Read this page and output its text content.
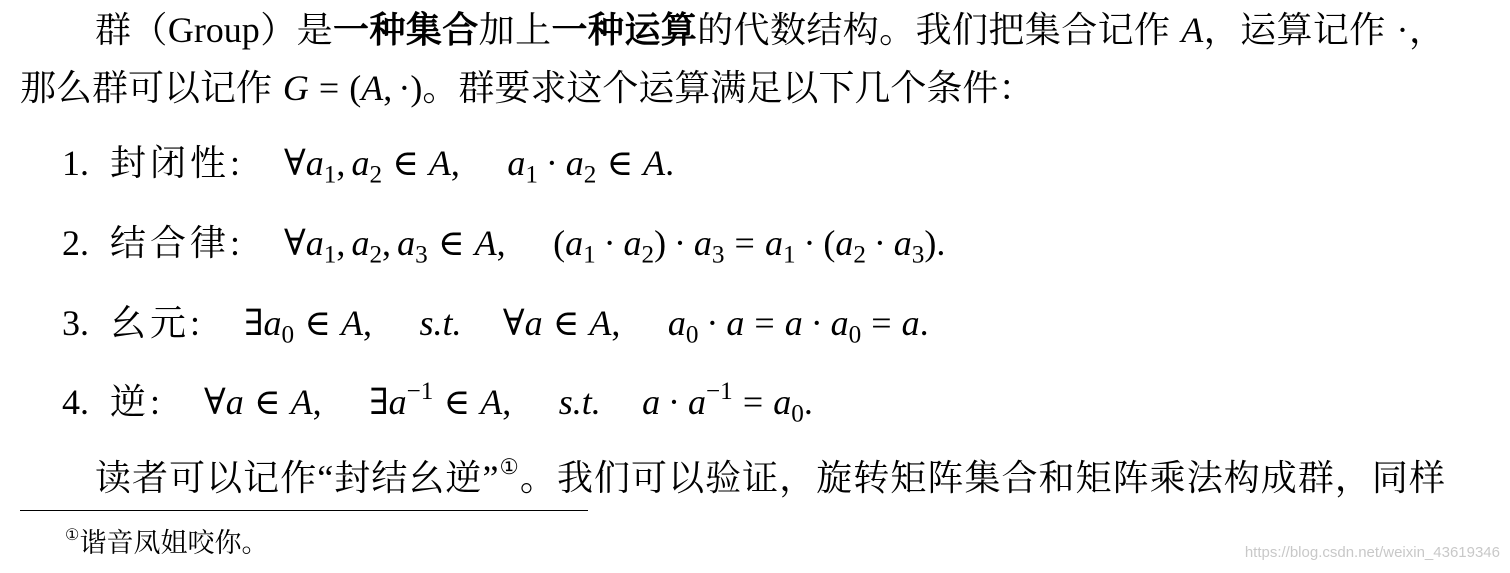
群（Group）是一种集合加上一种运算的代数结构。我们把集合记作 A，运算记作 ·，
那么群可以记作 G = (A, ·)。群要求这个运算满足以下几个条件：
1. 封闭性: $\forall a_1$, $a_2$ ∈ A, $a_1 \cdot a_2$ ∈ A.
2. 结合律: $\forall a_1$, $a_2$, $a_3$ ∈ A, $(a_1 \cdot a_2) \cdot a_3 = a_1 \cdot (a_2 \cdot a_3)$.
3. 幺元: $\exists a_0$ ∈ A, s.t. ∀a ∈ A, $a_0 \cdot a = a \cdot a_0 = a$.
4. 逆: ∀a ∈ A, $\exists a^{-1}$ ∈ A, s.t. $a \cdot a^{-1} = a_0$.
读者可以记作“封结幺逆”①。我们可以验证，旋转矩阵集合和矩阵乘法构成群，同样
①谐音凤姐咬你。	https://blog.csdn.net/weixin_43619346
